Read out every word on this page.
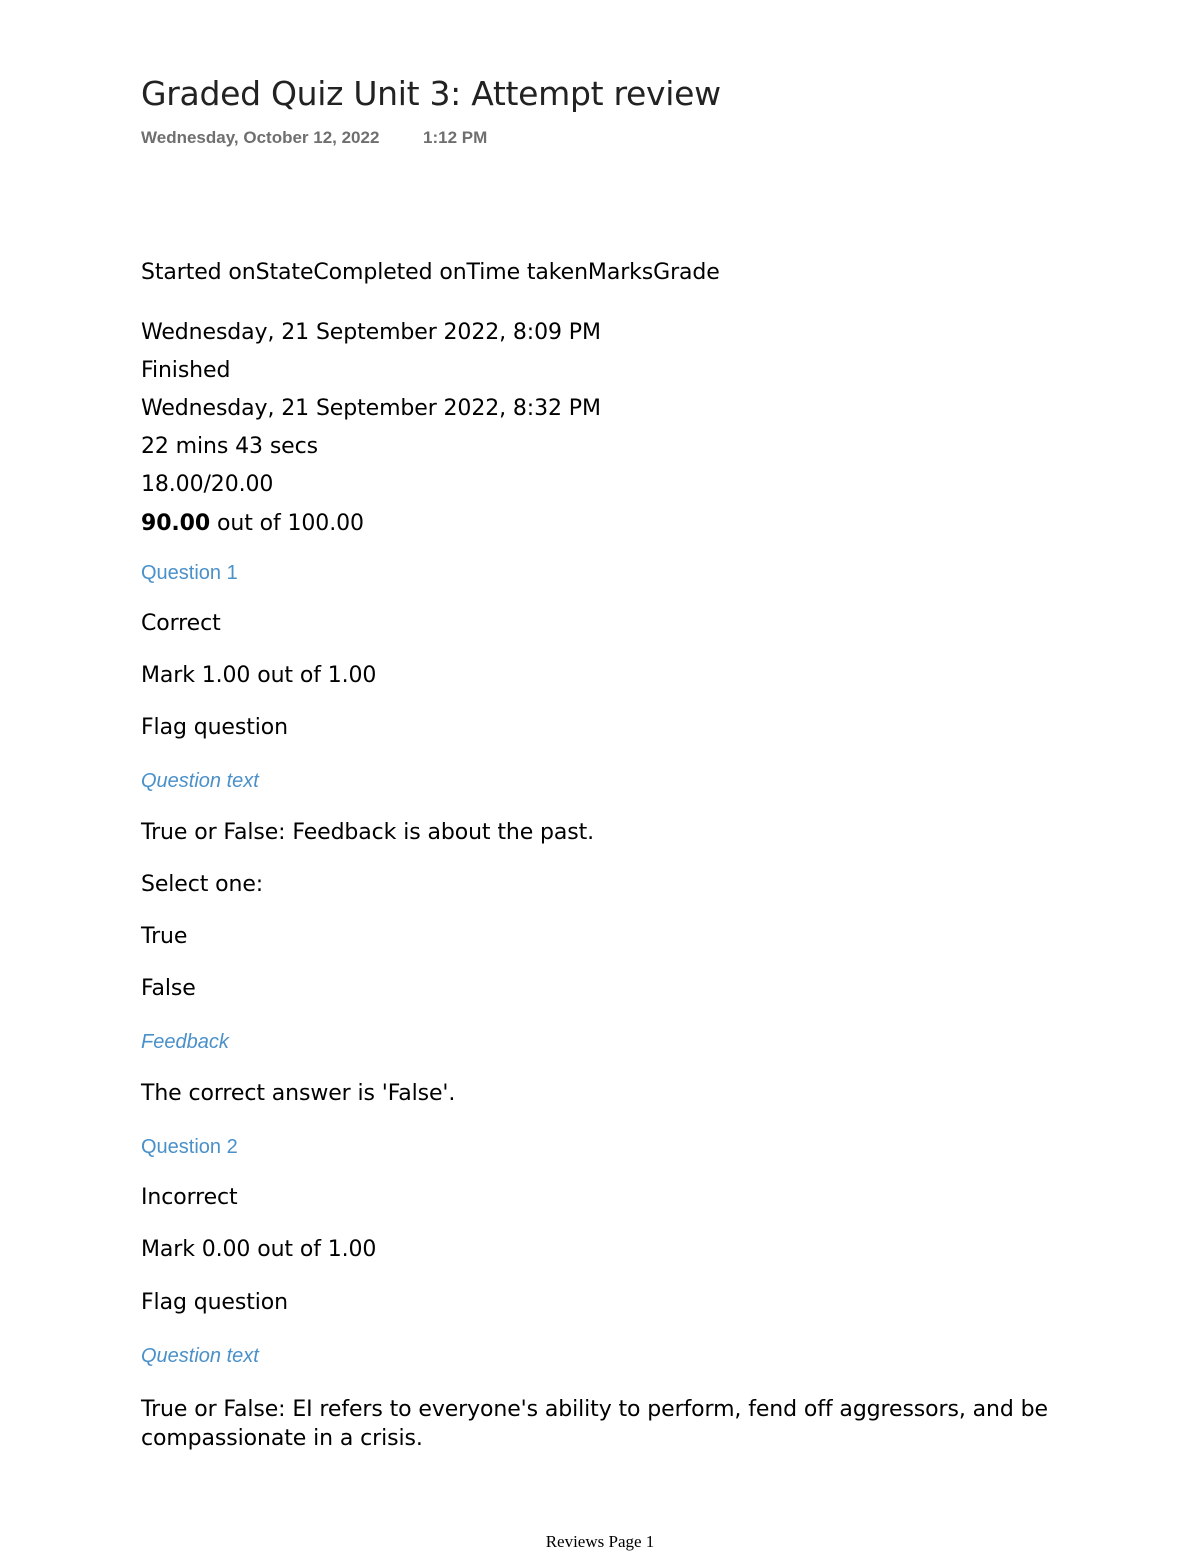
Graded Quiz Unit 3: Attempt review
Wednesday, October 12, 2022	1:12 PM
Started onStateCompleted onTime takenMarksGrade
Wednesday, 21 September 2022, 8:09 PM
Finished
Wednesday, 21 September 2022, 8:32 PM
22 mins 43 secs
18.00/20.00
90.00 out of 100.00
Question 1
Correct
Mark 1.00 out of 1.00
Flag question
Question text
True or False: Feedback is about the past.
Select one:
True
False
Feedback
The correct answer is 'False'.
Question 2
Incorrect
Mark 0.00 out of 1.00
Flag question
Question text
True or False: EI refers to everyone's ability to perform, fend off aggressors, and be compassionate in a crisis.
Reviews Page 1
